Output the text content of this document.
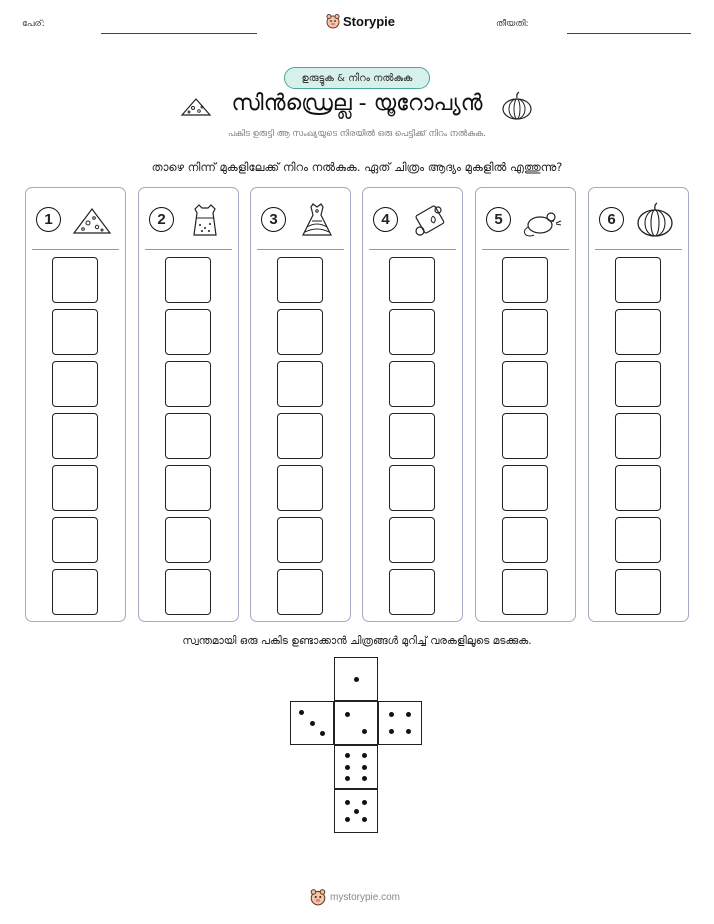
പേര്:	Storypie	തീയതി:
ഉരുട്ടുക & നിറം നൽകുക
സിൻഡ്രെല്ല - യൂറോപ്യൻ
പകിട ഉരുട്ടി ആ സംഖ്യയുടെ നിരയിൽ ഒരു പെട്ടിക്ക് നിറം നൽകുക.
താഴെ നിന്ന് മുകളിലേക്ക് നിറം നൽകുക. ഏത് ചിത്രം ആദ്യം മുകളിൽ എത്തുന്നു?
1	2	3	4	5	6
സ്വന്തമായി ഒരു പകിട ഉണ്ടാക്കാൻ ചിത്രങ്ങൾ മുറിച്ച് വരകളിലൂടെ മടക്കുക.
mystorypie.com
